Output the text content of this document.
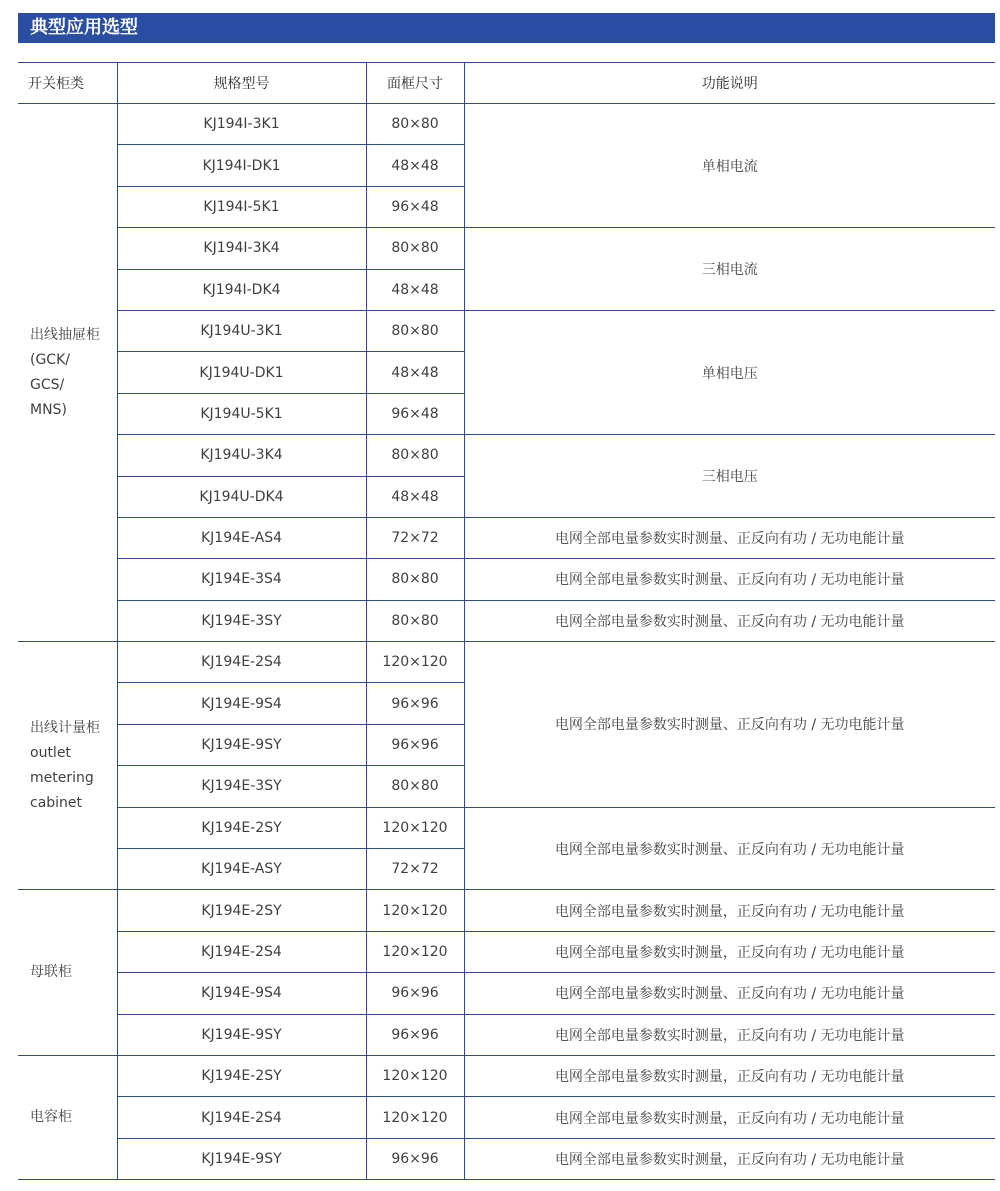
典型应用选型
开关柜类	规格型号	面框尺寸	功能说明
出线抽屉柜
(GCK/
GCS/
MNS)	KJ194I-3K1	80×80	单相电流
	KJ194I-DK1	48×48	
	KJ194I-5K1	96×48	
	KJ194I-3K4	80×80	三相电流
	KJ194I-DK4	48×48	
	KJ194U-3K1	80×80	单相电压
	KJ194U-DK1	48×48	
	KJ194U-5K1	96×48	
	KJ194U-3K4	80×80	三相电压
	KJ194U-DK4	48×48	
	KJ194E-AS4	72×72	电网全部电量参数实时测量、正反向有功 / 无功电能计量
	KJ194E-3S4	80×80	电网全部电量参数实时测量、正反向有功 / 无功电能计量
	KJ194E-3SY	80×80	电网全部电量参数实时测量、正反向有功 / 无功电能计量
出线计量柜
outlet
metering
cabinet	KJ194E-2S4	120×120	电网全部电量参数实时测量、正反向有功 / 无功电能计量
	KJ194E-9S4	96×96	
	KJ194E-9SY	96×96	
	KJ194E-3SY	80×80	
	KJ194E-2SY	120×120	电网全部电量参数实时测量、正反向有功 / 无功电能计量
	KJ194E-ASY	72×72	
母联柜	KJ194E-2SY	120×120	电网全部电量参数实时测量，正反向有功 / 无功电能计量
	KJ194E-2S4	120×120	电网全部电量参数实时测量，正反向有功 / 无功电能计量
	KJ194E-9S4	96×96	电网全部电量参数实时测量、正反向有功 / 无功电能计量
	KJ194E-9SY	96×96	电网全部电量参数实时测量，正反向有功 / 无功电能计量
电容柜	KJ194E-2SY	120×120	电网全部电量参数实时测量，正反向有功 / 无功电能计量
	KJ194E-2S4	120×120	电网全部电量参数实时测量，正反向有功 / 无功电能计量
	KJ194E-9SY	96×96	电网全部电量参数实时测量，正反向有功 / 无功电能计量
